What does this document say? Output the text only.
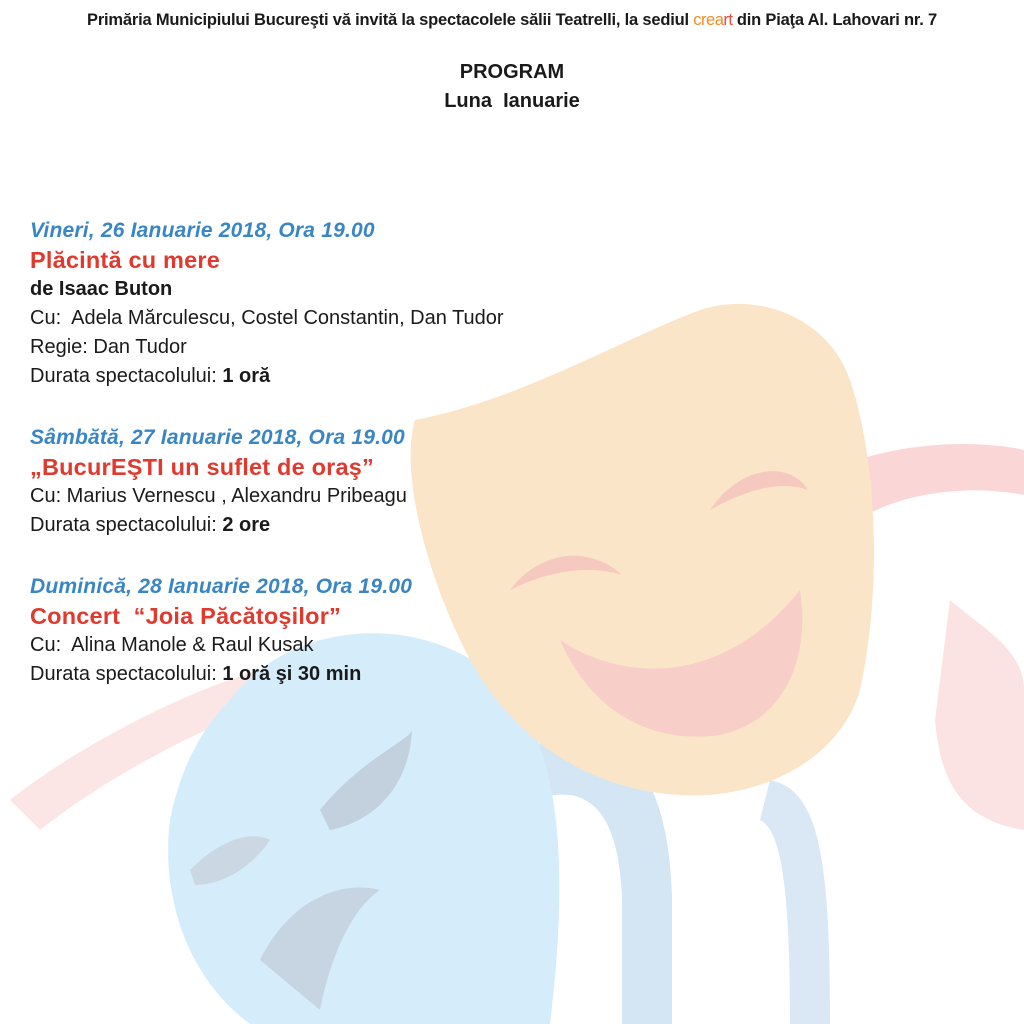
Primăria Municipiului Bucureşti vă invită la spectacolele sălii Teatrelli, la sediul creart din Piaţa Al. Lahovari nr. 7
PROGRAM
Luna  Ianuarie
Vineri, 26 Ianuarie 2018, Ora 19.00
Plăcintă cu mere
de Isaac Buton
Cu:  Adela Mărculescu, Costel Constantin, Dan Tudor
Regie: Dan Tudor
Durata spectacolului: 1 oră
Sâmbătă, 27 Ianuarie 2018, Ora 19.00
„BucurEŞTI un suflet de oraş”
Cu: Marius Vernescu , Alexandru Pribeagu
Durata spectacolului: 2 ore
Duminică, 28 Ianuarie 2018, Ora 19.00
Concert  “Joia Păcătoşilor”
Cu:  Alina Manole & Raul Kusak
Durata spectacolului: 1 oră şi 30 min
